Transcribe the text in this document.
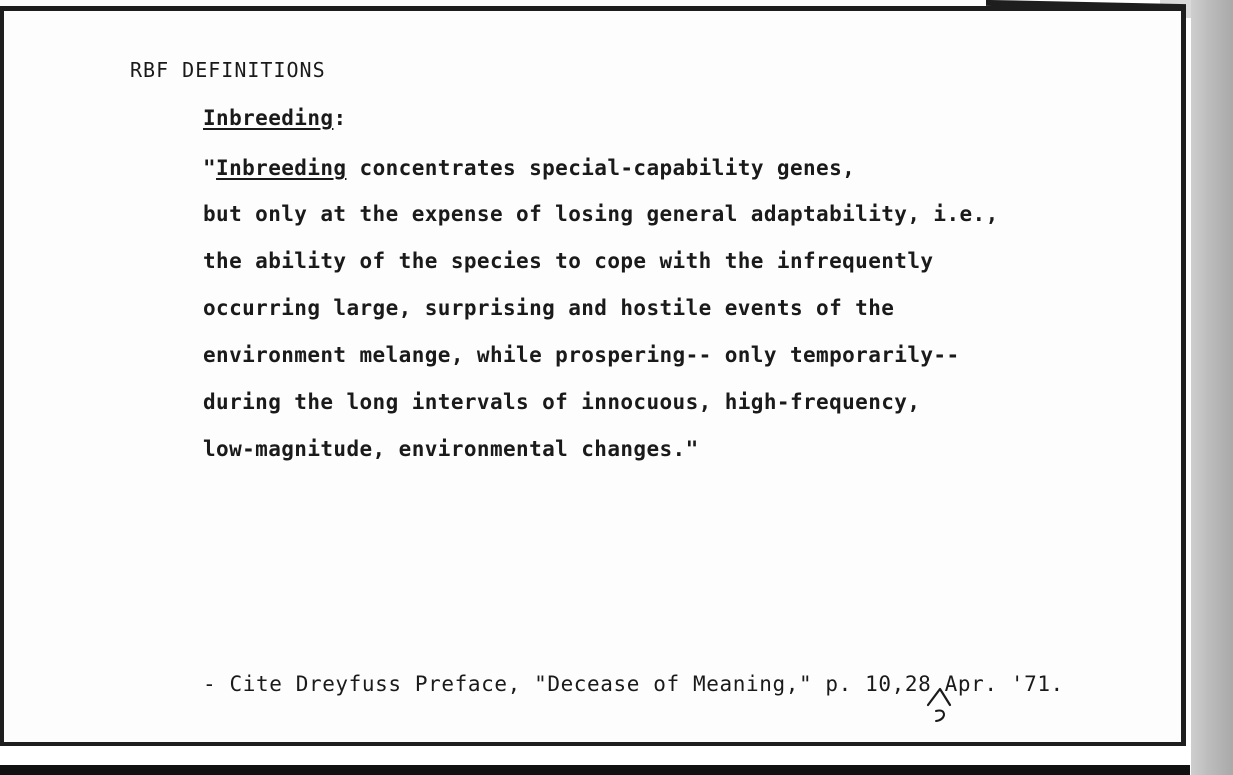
RBF DEFINITIONS

Inbreeding:

"Inbreeding concentrates special-capability genes,

but only at the expense of losing general adaptability, i.e.,

the ability of the species to cope with the infrequently

occurring large, surprising and hostile events of the

environment melange, while prospering-- only temporarily--

during the long intervals of innocuous, high-frequency,

low-magnitude, environmental changes."

- Cite Dreyfuss Preface, "Decease of Meaning," p. 10,28 Apr. '71.
